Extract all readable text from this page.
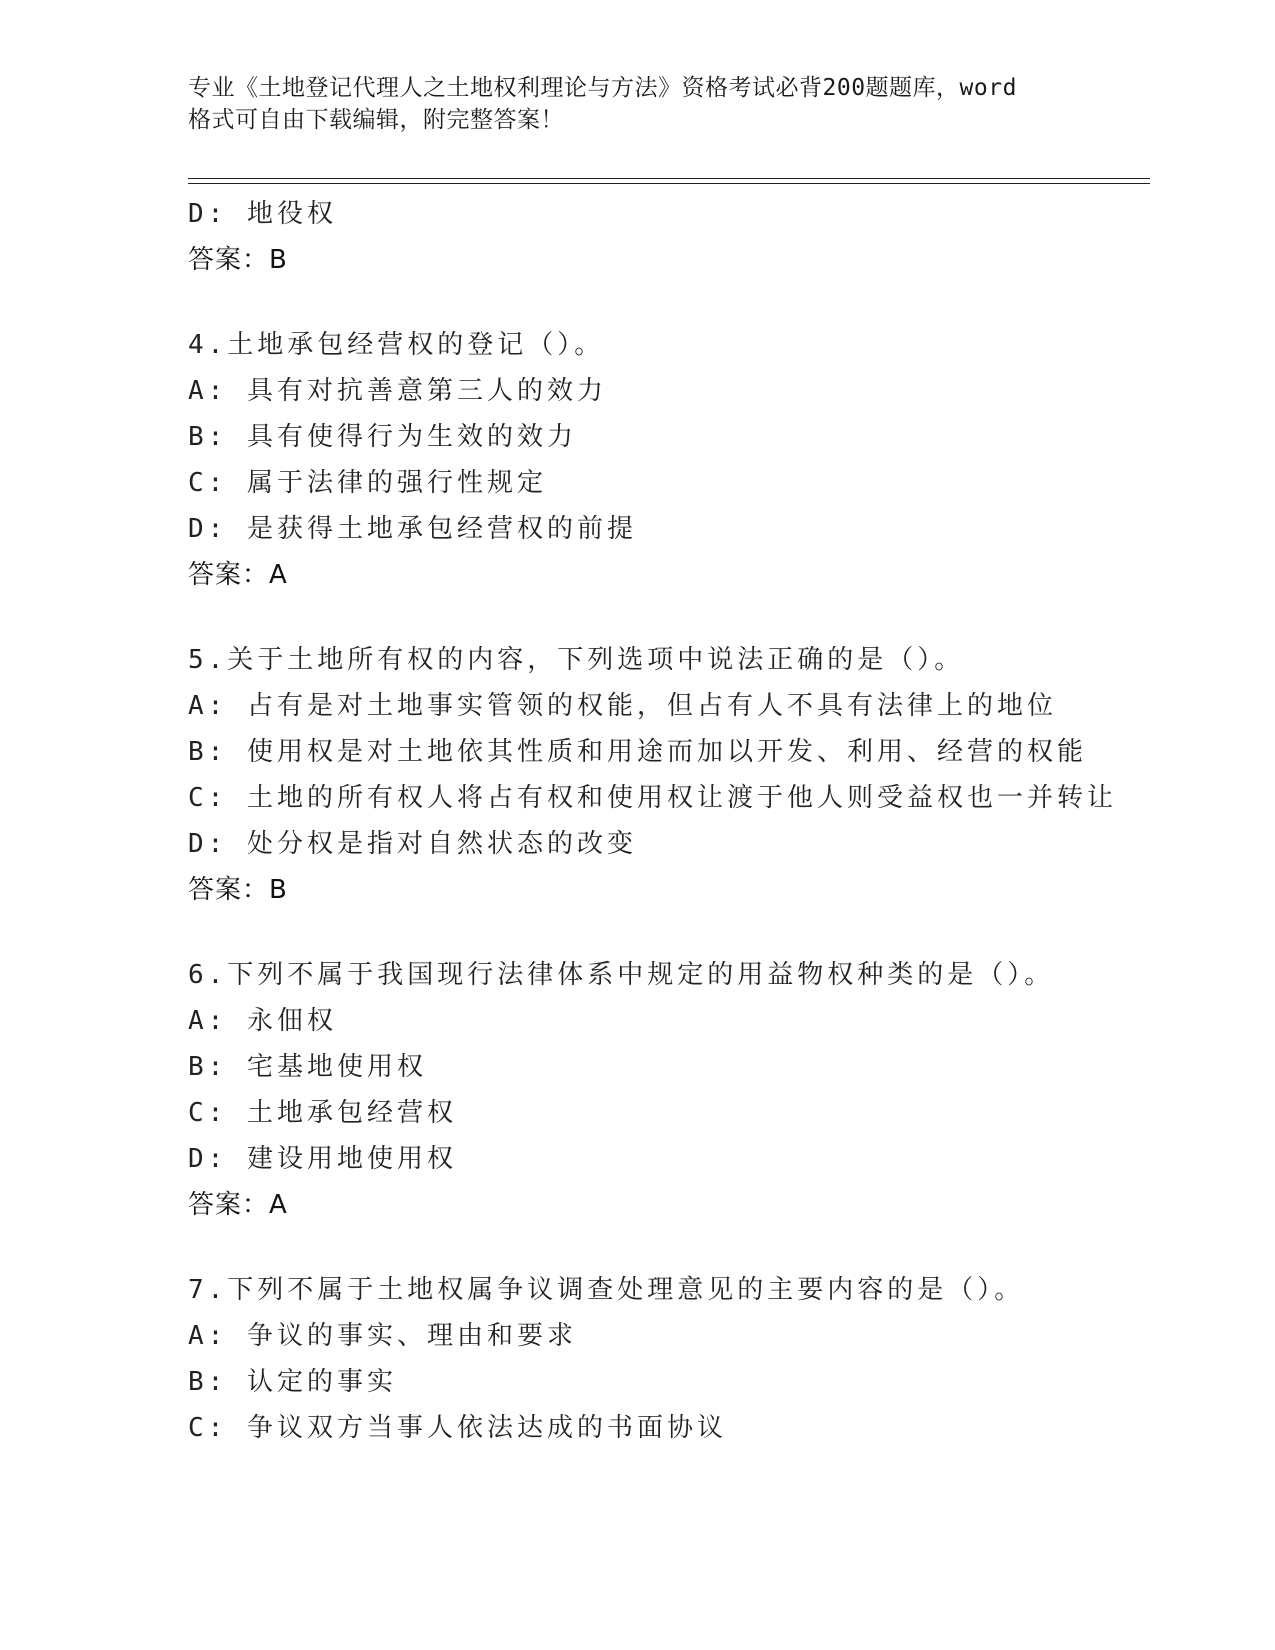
专业《土地登记代理人之土地权利理论与方法》资格考试必背200题题库，word
格式可自由下载编辑，附完整答案！
D: 地役权
答案：B
4.土地承包经营权的登记（）。
A: 具有对抗善意第三人的效力
B: 具有使得行为生效的效力
C: 属于法律的强行性规定
D: 是获得土地承包经营权的前提
答案：A
5.关于土地所有权的内容，下列选项中说法正确的是（）。
A: 占有是对土地事实管领的权能，但占有人不具有法律上的地位
B: 使用权是对土地依其性质和用途而加以开发、利用、经营的权能
C: 土地的所有权人将占有权和使用权让渡于他人则受益权也一并转让
D: 处分权是指对自然状态的改变
答案：B
6.下列不属于我国现行法律体系中规定的用益物权种类的是（）。
A: 永佃权
B: 宅基地使用权
C: 土地承包经营权
D: 建设用地使用权
答案：A
7.下列不属于土地权属争议调查处理意见的主要内容的是（）。
A: 争议的事实、理由和要求
B: 认定的事实
C: 争议双方当事人依法达成的书面协议
